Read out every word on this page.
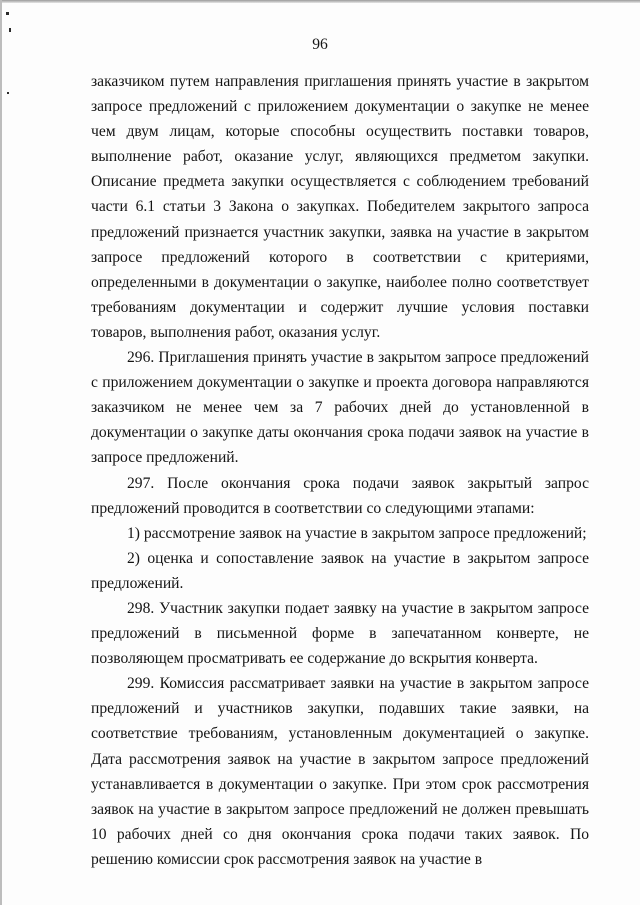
96

заказчиком путем направления приглашения принять участие в закрытом запросе предложений с приложением документации о закупке не менее чем двум лицам, которые способны осуществить поставки товаров, выполнение работ, оказание услуг, являющихся предметом закупки. Описание предмета закупки осуществляется с соблюдением требований части 6.1 статьи 3 Закона о закупках. Победителем закрытого запроса предложений признается участник закупки, заявка на участие в закрытом запросе предложений которого в соответствии с критериями, определенными в документации о закупке, наиболее полно соответствует требованиям документации и содержит лучшие условия поставки товаров, выполнения работ, оказания услуг.

296. Приглашения принять участие в закрытом запросе предложений с приложением документации о закупке и проекта договора направляются заказчиком не менее чем за 7 рабочих дней до установленной в документации о закупке даты окончания срока подачи заявок на участие в запросе предложений.

297. После окончания срока подачи заявок закрытый запрос предложений проводится в соответствии со следующими этапами:

1) рассмотрение заявок на участие в закрытом запросе предложений;

2) оценка и сопоставление заявок на участие в закрытом запросе предложений.

298. Участник закупки подает заявку на участие в закрытом запросе предложений в письменной форме в запечатанном конверте, не позволяющем просматривать ее содержание до вскрытия конверта.

299. Комиссия рассматривает заявки на участие в закрытом запросе предложений и участников закупки, подавших такие заявки, на соответствие требованиям, установленным документацией о закупке. Дата рассмотрения заявок на участие в закрытом запросе предложений устанавливается в документации о закупке. При этом срок рассмотрения заявок на участие в закрытом запросе предложений не должен превышать 10 рабочих дней со дня окончания срока подачи таких заявок. По решению комиссии срок рассмотрения заявок на участие в
